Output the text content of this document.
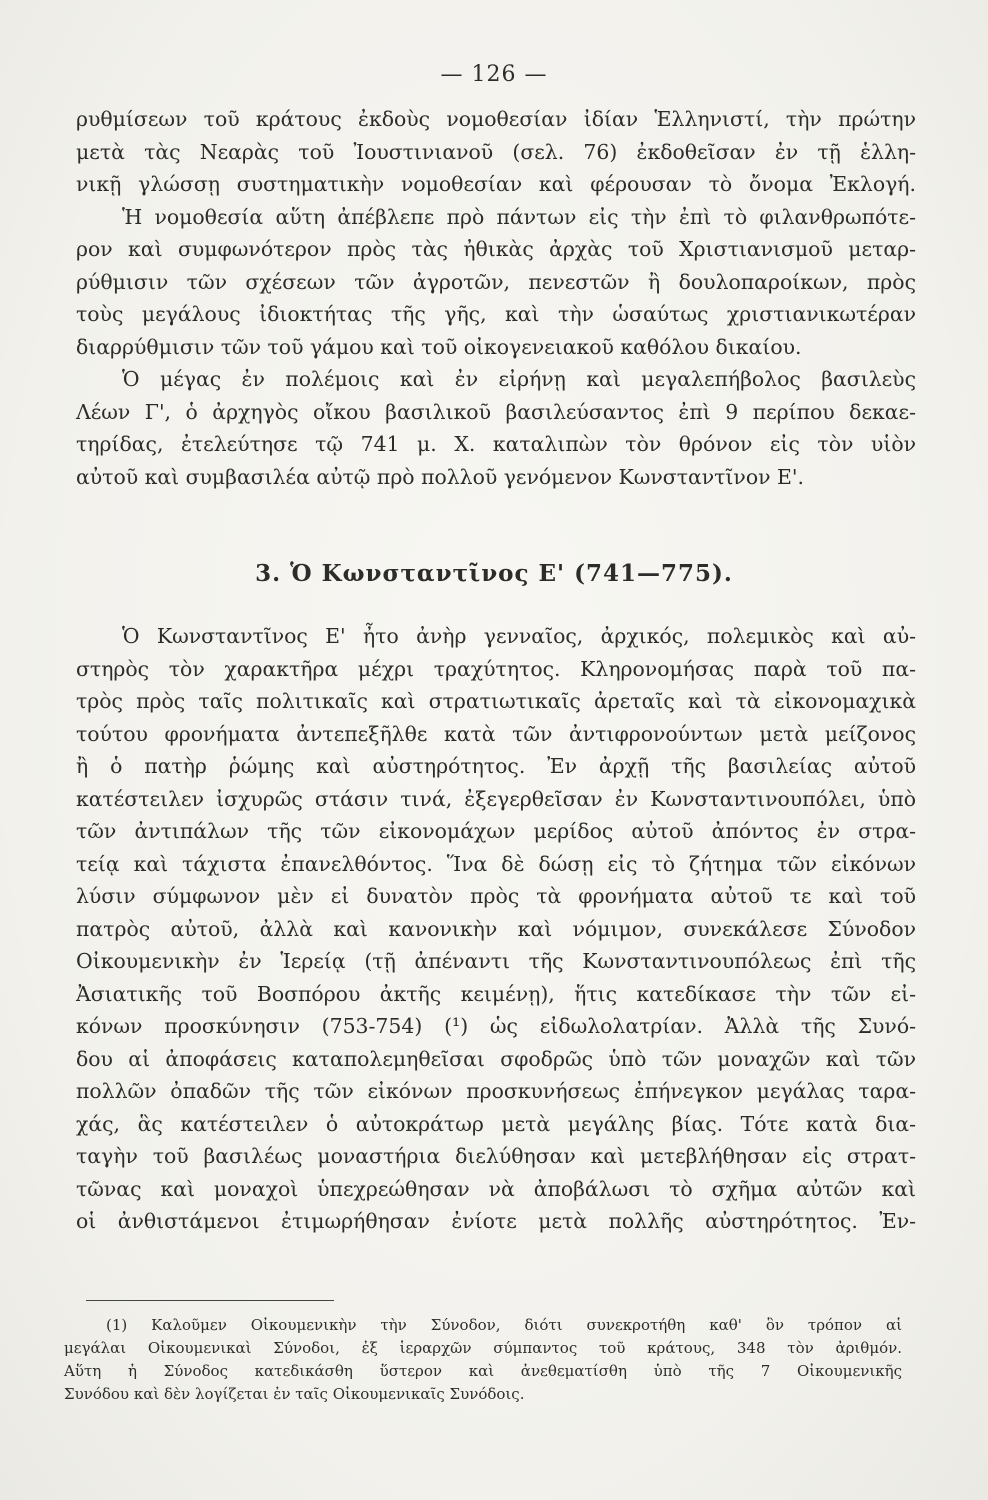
— 126 —
ρυθμίσεων τοῦ κράτους ἐκδοὺς νομοθεσίαν ἰδίαν Ἑλληνιστί, τὴν πρώτην
μετὰ τὰς Νεαρὰς τοῦ Ἰουστινιανοῦ (σελ. 76) ἐκδοθεῖσαν ἐν τῇ ἑλλη-
νικῇ γλώσσῃ συστηματικὴν νομοθεσίαν καὶ φέρουσαν τὸ ὄνομα Ἐκλογή.
Ἡ νομοθεσία αὕτη ἀπέβλεπε πρὸ πάντων εἰς τὴν ἐπὶ τὸ φιλανθρωπότε-
ρον καὶ συμφωνότερον πρὸς τὰς ἠθικὰς ἀρχὰς τοῦ Χριστιανισμοῦ μεταρ-
ρύθμισιν τῶν σχέσεων τῶν ἀγροτῶν, πενεστῶν ἢ δουλοπαροίκων, πρὸς
τοὺς μεγάλους ἰδιοκτήτας τῆς γῆς, καὶ τὴν ὡσαύτως χριστιανικωτέραν
διαρρύθμισιν τῶν τοῦ γάμου καὶ τοῦ οἰκογενειακοῦ καθόλου δικαίου.
Ὁ μέγας ἐν πολέμοις καὶ ἐν εἰρήνῃ καὶ μεγαλεπήβολος βασιλεὺς
Λέων Γ', ὁ ἀρχηγὸς οἴκου βασιλικοῦ βασιλεύσαντος ἐπὶ 9 περίπου δεκαε-
τηρίδας, ἐτελεύτησε τῷ 741 μ. Χ. καταλιπὼν τὸν θρόνον εἰς τὸν υἱὸν
αὐτοῦ καὶ συμβασιλέα αὐτῷ πρὸ πολλοῦ γενόμενον Κωνσταντῖνον Ε'.
3. Ὁ Κωνσταντῖνος Ε' (741—775).
Ὁ Κωνσταντῖνος Ε' ἦτο ἀνὴρ γενναῖος, ἀρχικός, πολεμικὸς καὶ αὐ-
στηρὸς τὸν χαρακτῆρα μέχρι τραχύτητος. Κληρονομήσας παρὰ τοῦ πα-
τρὸς πρὸς ταῖς πολιτικαῖς καὶ στρατιωτικαῖς ἀρεταῖς καὶ τὰ εἰκονομαχικὰ
τούτου φρονήματα ἀντεπεξῆλθε κατὰ τῶν ἀντιφρονούντων μετὰ μείζονος
ἢ ὁ πατὴρ ῥώμης καὶ αὐστηρότητος. Ἐν ἀρχῇ τῆς βασιλείας αὐτοῦ
κατέστειλεν ἰσχυρῶς στάσιν τινά, ἐξεγερθεῖσαν ἐν Κωνσταντινουπόλει, ὑπὸ
τῶν ἀντιπάλων τῆς τῶν εἰκονομάχων μερίδος αὐτοῦ ἀπόντος ἐν στρα-
τείᾳ καὶ τάχιστα ἐπανελθόντος. Ἵνα δὲ δώσῃ εἰς τὸ ζήτημα τῶν εἰκόνων
λύσιν σύμφωνον μὲν εἰ δυνατὸν πρὸς τὰ φρονήματα αὐτοῦ τε καὶ τοῦ
πατρὸς αὐτοῦ, ἀλλὰ καὶ κανονικὴν καὶ νόμιμον, συνεκάλεσε Σύνοδον
Οἰκουμενικὴν ἐν Ἱερείᾳ (τῇ ἀπέναντι τῆς Κωνσταντινουπόλεως ἐπὶ τῆς
Ἀσιατικῆς τοῦ Βοσπόρου ἀκτῆς κειμένῃ), ἥτις κατεδίκασε τὴν τῶν εἰ-
κόνων προσκύνησιν (753-754) (¹) ὡς εἰδωλολατρίαν. Ἀλλὰ τῆς Συνό-
δου αἱ ἀποφάσεις καταπολεμηθεῖσαι σφοδρῶς ὑπὸ τῶν μοναχῶν καὶ τῶν
πολλῶν ὀπαδῶν τῆς τῶν εἰκόνων προσκυνήσεως ἐπήνεγκον μεγάλας ταρα-
χάς, ἃς κατέστειλεν ὁ αὐτοκράτωρ μετὰ μεγάλης βίας. Τότε κατὰ δια-
ταγὴν τοῦ βασιλέως μοναστήρια διελύθησαν καὶ μετεβλήθησαν εἰς στρατ-
τῶνας καὶ μοναχοὶ ὑπεχρεώθησαν νὰ ἀποβάλωσι τὸ σχῆμα αὐτῶν καὶ
οἱ ἀνθιστάμενοι ἐτιμωρήθησαν ἐνίοτε μετὰ πολλῆς αὐστηρότητος. Ἐν-
(1) Καλοῦμεν Οἰκουμενικὴν τὴν Σύνοδον, διότι συνεκροτήθη καθ' ὃν τρόπον αἱ
μεγάλαι Οἰκουμενικαὶ Σύνοδοι, ἐξ ἱεραρχῶν σύμπαντος τοῦ κράτους, 348 τὸν ἀριθμόν.
Αὕτη ἡ Σύνοδος κατεδικάσθη ὕστερον καὶ ἀνεθεματίσθη ὑπὸ τῆς 7 Οἰκουμενικῆς
Συνόδου καὶ δὲν λογίζεται ἐν ταῖς Οἰκουμενικαῖς Συνόδοις.
